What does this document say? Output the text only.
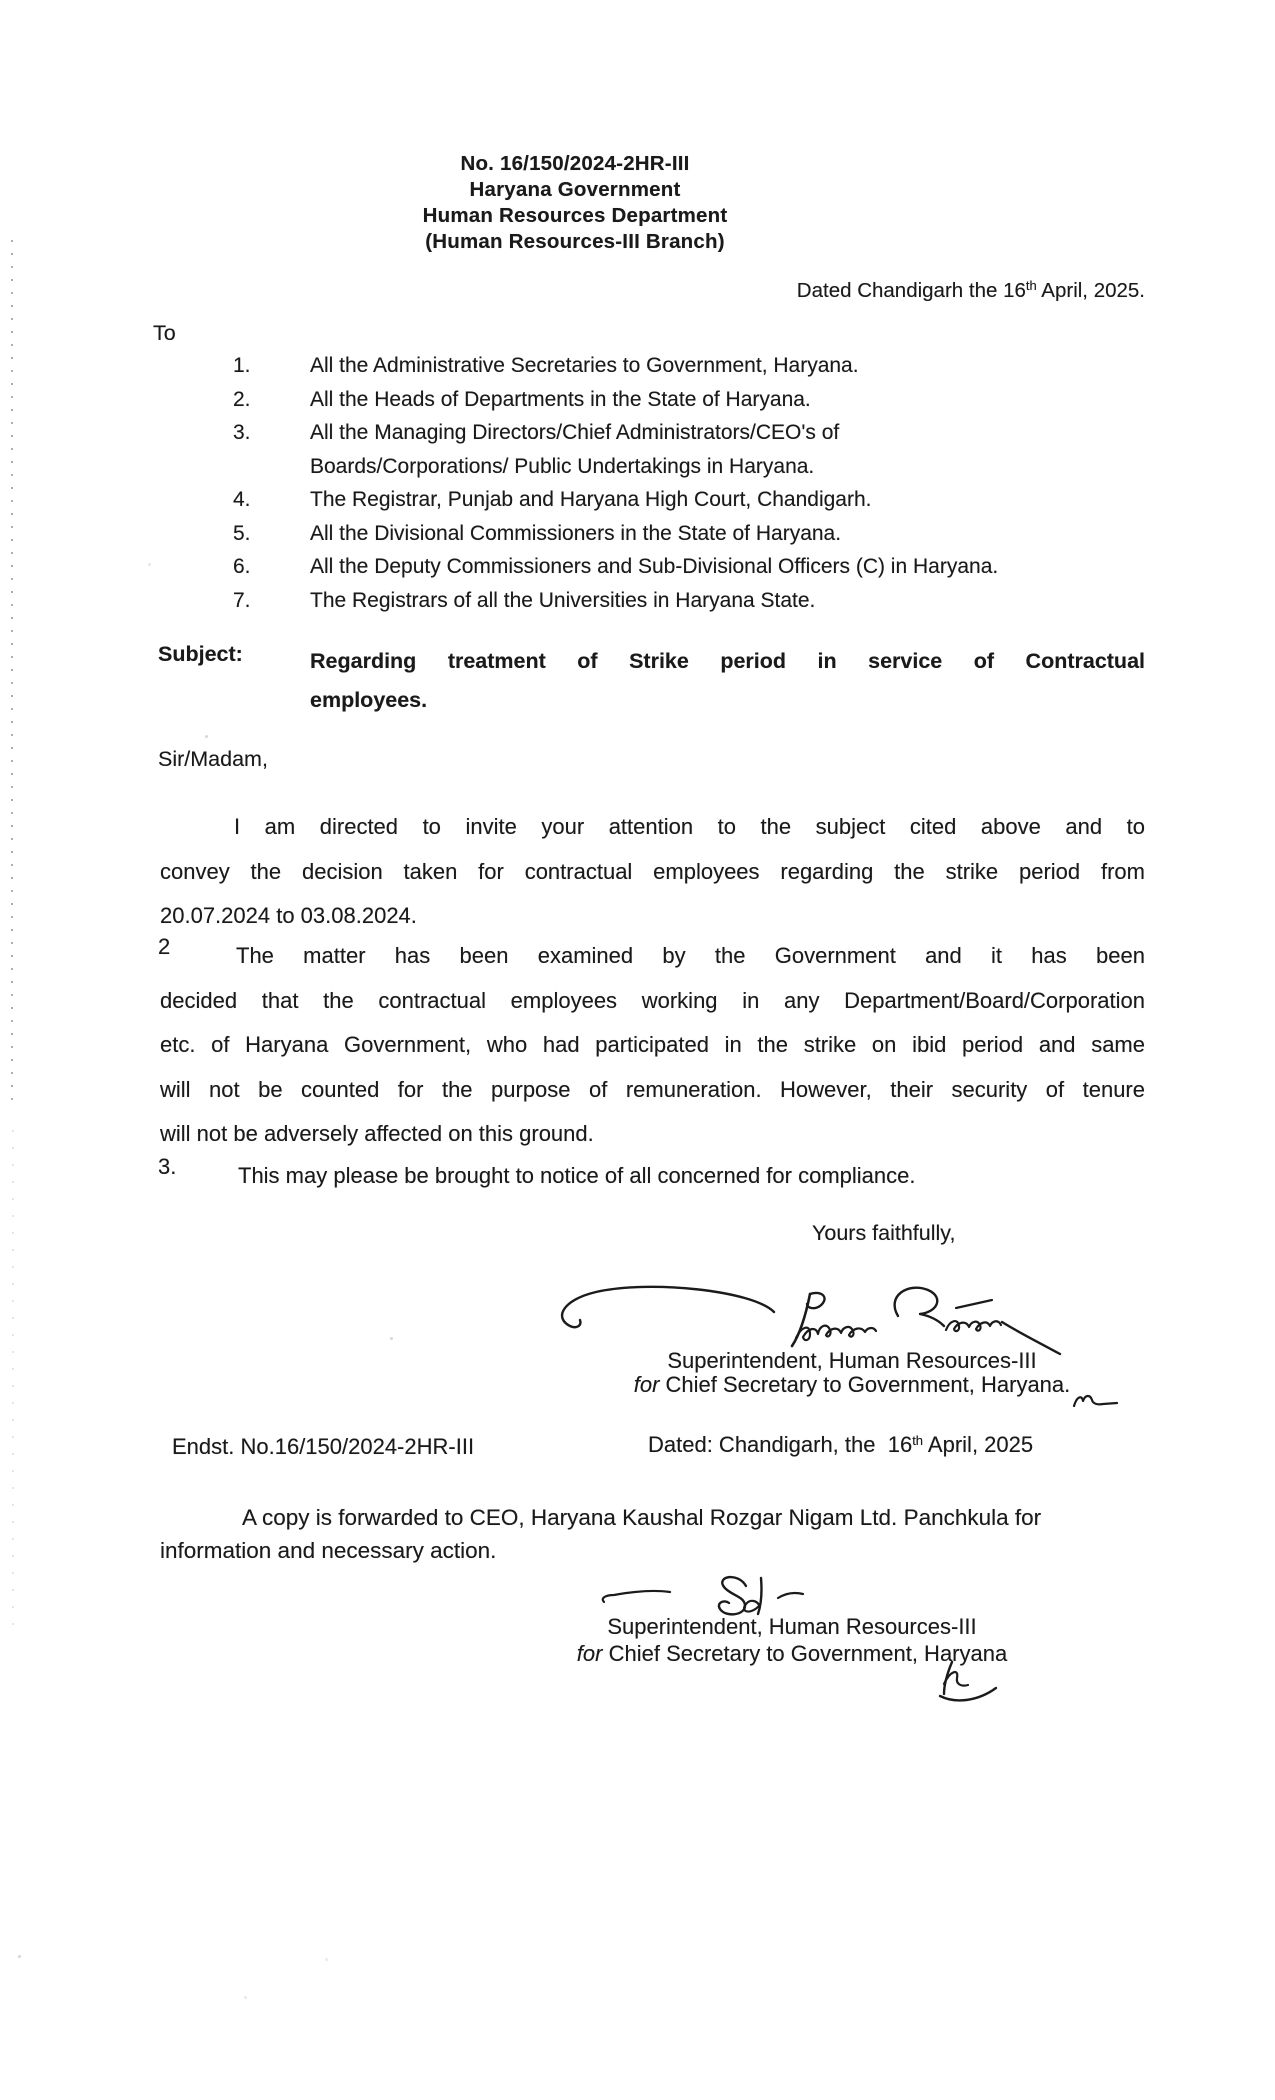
No. 16/150/2024-2HR-III
Haryana Government
Human Resources Department
(Human Resources-III Branch)
Dated Chandigarh the 16th April, 2025.
To
1.	All the Administrative Secretaries to Government, Haryana.
2.	All the Heads of Departments in the State of Haryana.
3.	All the Managing Directors/Chief Administrators/CEO's of
Boards/Corporations/ Public Undertakings in Haryana.
4.	The Registrar, Punjab and Haryana High Court, Chandigarh.
5.	All the Divisional Commissioners in the State of Haryana.
6.	All the Deputy Commissioners and Sub-Divisional Officers (C) in Haryana.
7.	The Registrars of all the Universities in Haryana State.
Subject:	Regarding treatment of Strike period in service of Contractual
employees.
Sir/Madam,
I am directed to invite your attention to the subject cited above and to
convey the decision taken for contractual employees regarding the strike period from
20.07.2024 to 03.08.2024.
2	The matter has been examined by the Government and it has been
decided that the contractual employees working in any Department/Board/Corporation
etc. of Haryana Government, who had participated in the strike on ibid period and same
will not be counted for the purpose of remuneration. However, their security of tenure
will not be adversely affected on this ground.
3.	This may please be brought to notice of all concerned for compliance.
Yours faithfully,
Superintendent, Human Resources-III
for Chief Secretary to Government, Haryana.
Endst. No.16/150/2024-2HR-III	Dated: Chandigarh, the  16th April, 2025
A copy is forwarded to CEO, Haryana Kaushal Rozgar Nigam Ltd. Panchkula for
information and necessary action.
Superintendent, Human Resources-III
for Chief Secretary to Government, Haryana
